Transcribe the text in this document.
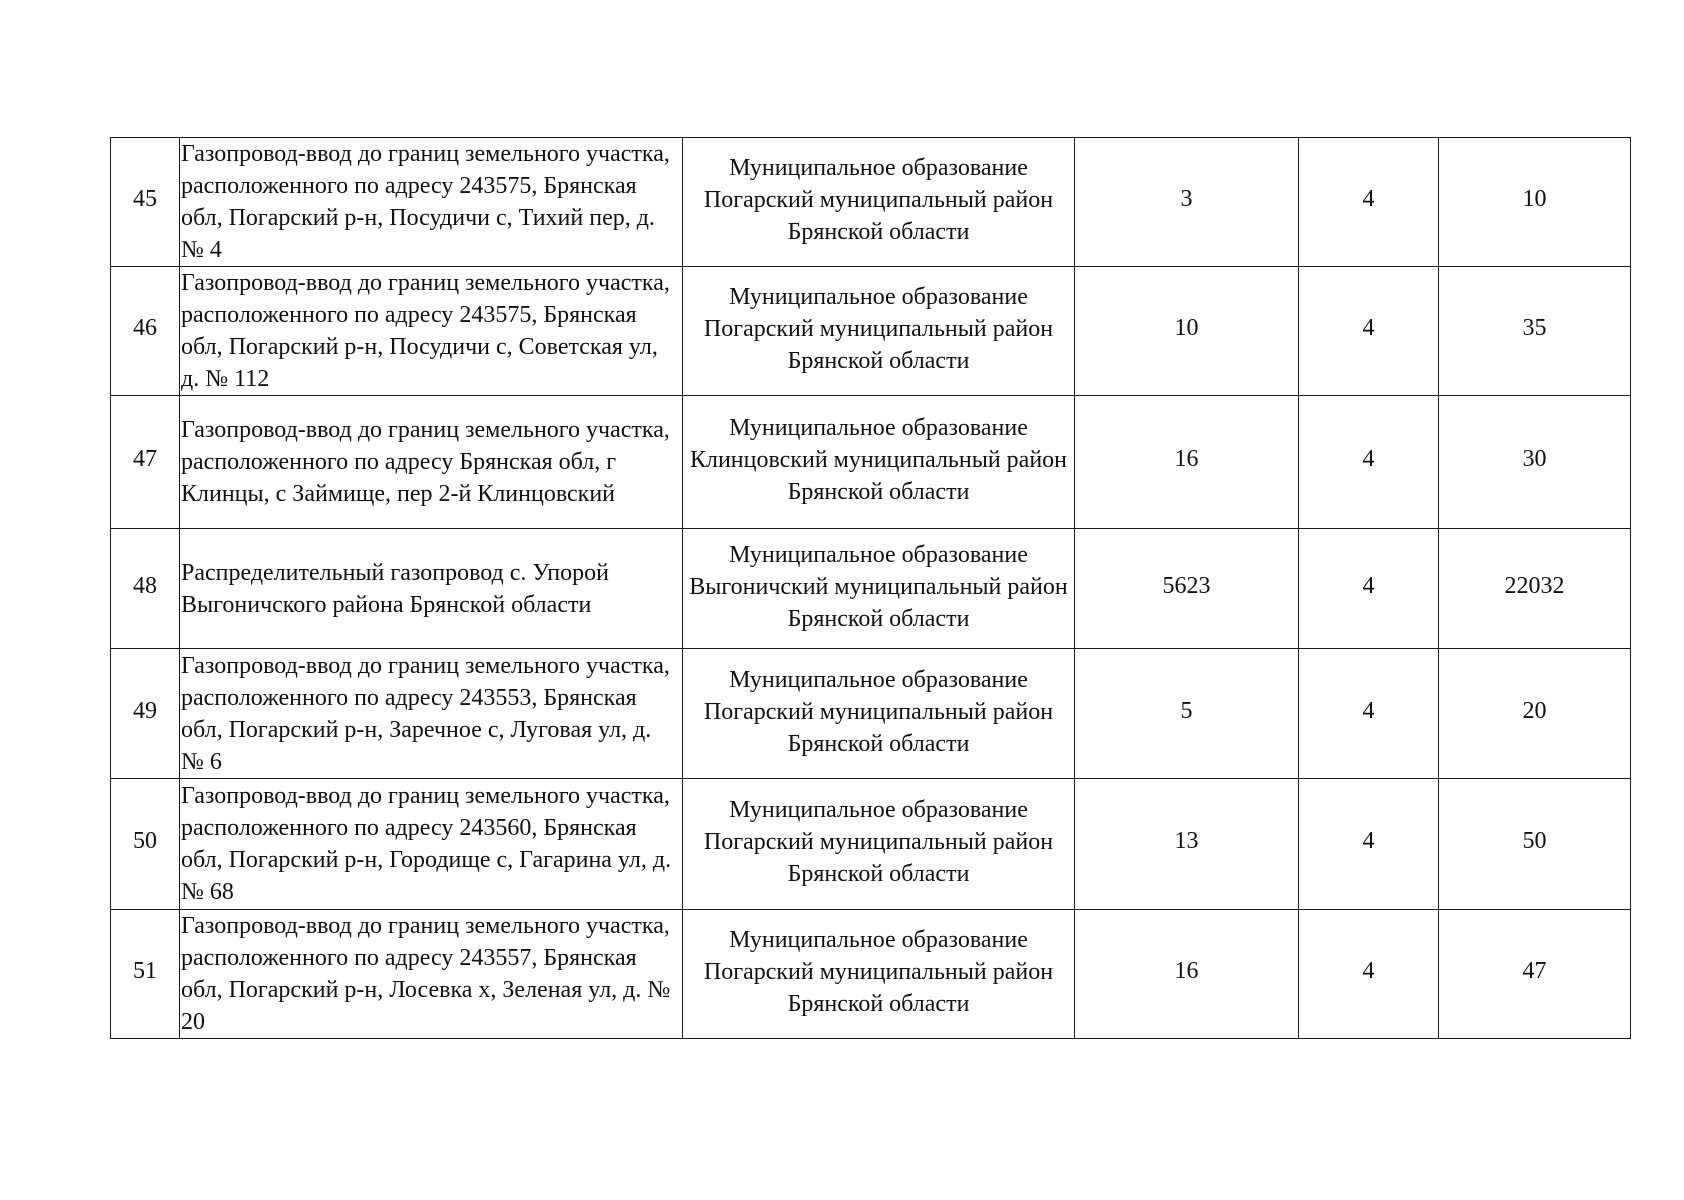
45	Газопровод-ввод до границ земельного участка, расположенного по адресу 243575, Брянская обл, Погарский р-н, Посудичи с, Тихий пер, д. № 4	Муниципальное образование Погарский муниципальный район Брянской области	3	4	10

46	Газопровод-ввод до границ земельного участка, расположенного по адресу 243575, Брянская обл, Погарский р-н, Посудичи с, Советская ул, д. № 112	Муниципальное образование Погарский муниципальный район Брянской области	10	4	35

47	Газопровод-ввод до границ земельного участка, расположенного по адресу Брянская обл, г Клинцы, с Займище, пер 2-й Клинцовский	Муниципальное образование Клинцовский муниципальный район Брянской области	16	4	30

48	Распределительный газопровод с. Упорой Выгоничского района Брянской области	Муниципальное образование Выгоничский муниципальный район Брянской области	5623	4	22032

49	Газопровод-ввод до границ земельного участка, расположенного по адресу 243553, Брянская обл, Погарский р-н, Заречное с, Луговая ул, д. № 6	Муниципальное образование Погарский муниципальный район Брянской области	5	4	20

50	Газопровод-ввод до границ земельного участка, расположенного по адресу 243560, Брянская обл, Погарский р-н, Городище с, Гагарина ул, д. № 68	Муниципальное образование Погарский муниципальный район Брянской области	13	4	50

51	Газопровод-ввод до границ земельного участка, расположенного по адресу 243557, Брянская обл, Погарский р-н, Лосевка х, Зеленая ул, д. № 20	Муниципальное образование Погарский муниципальный район Брянской области	16	4	47
